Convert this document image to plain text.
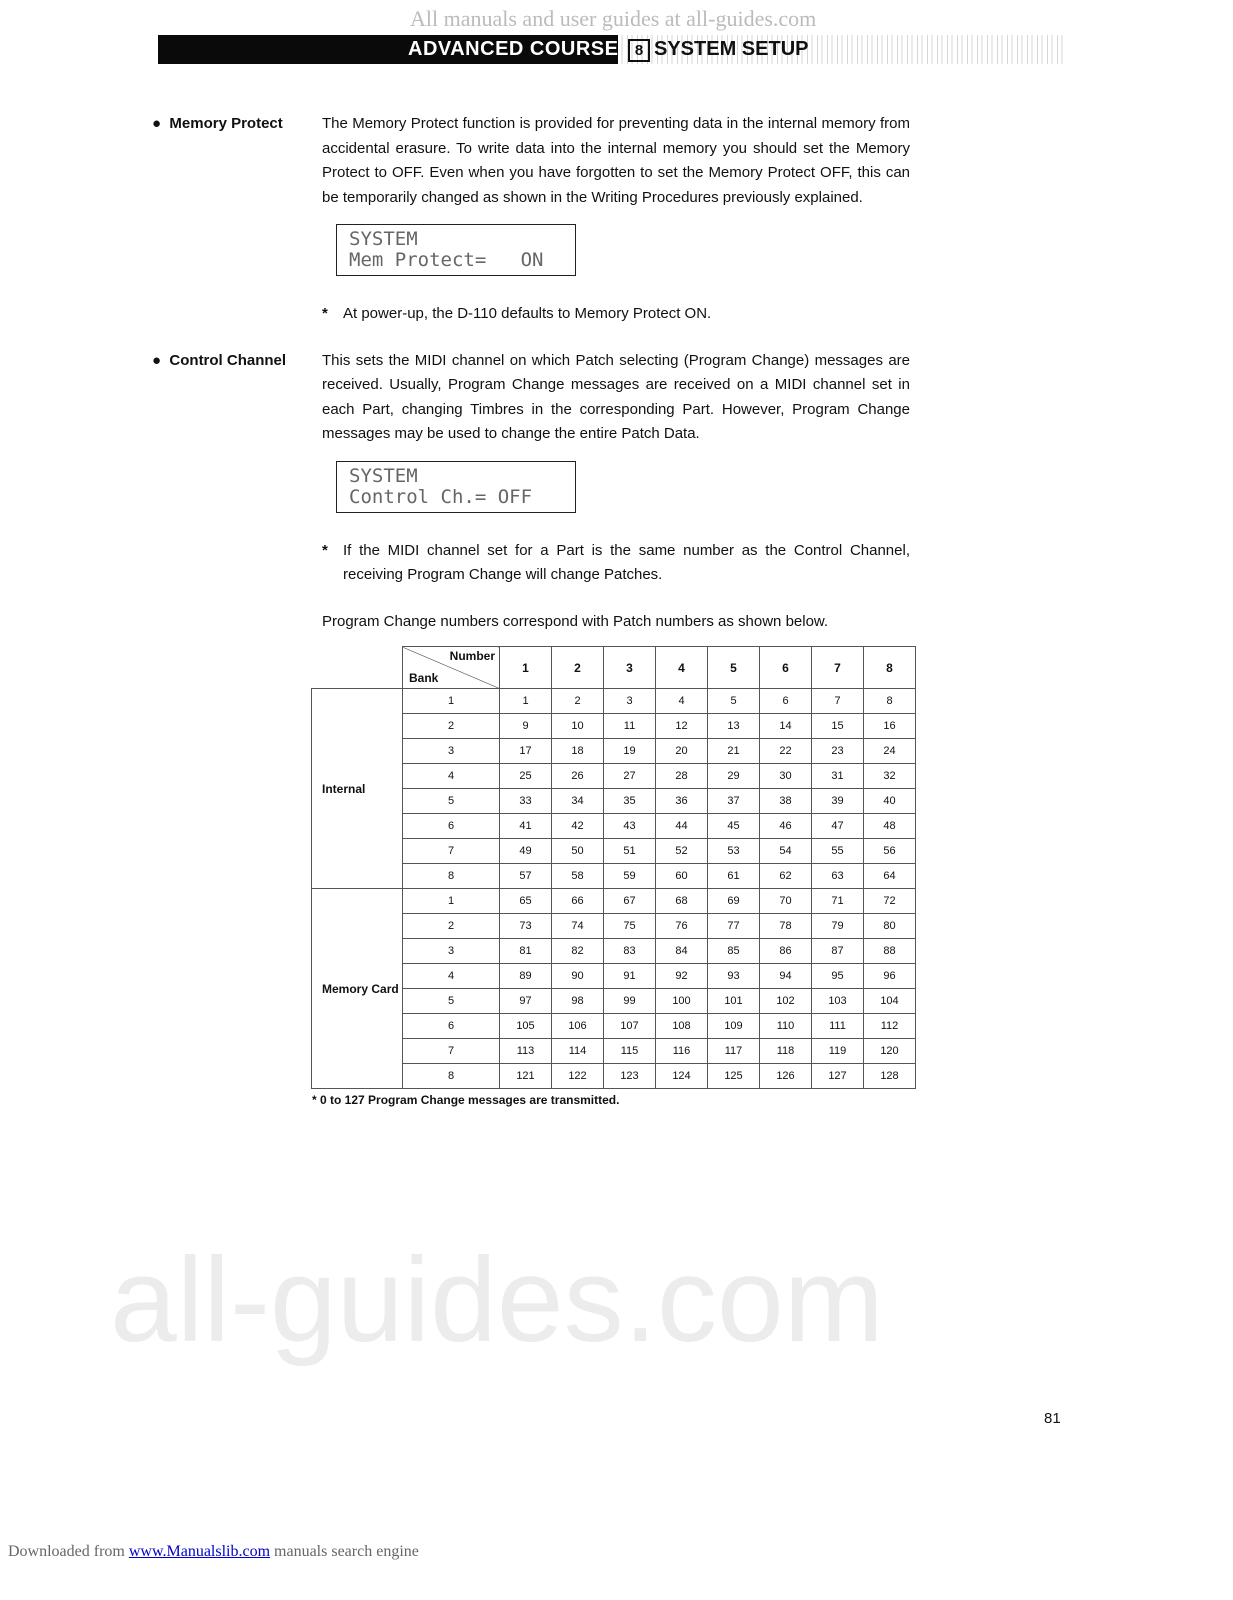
all-guides.com
All manuals and user guides at all-guides.com
ADVANCED COURSE	8 SYSTEM SETUP
●  Memory Protect	The Memory Protect function is provided for preventing data in the internal memory from accidental erasure. To write data into the internal memory you should set the Memory Protect to OFF. Even when you have forgotten to set the Memory Protect OFF, this can be temporarily changed as shown in the Writing Procedures previously explained.

SYSTEM
Mem Protect=   ON
*	At power-up, the D-110 defaults to Memory Protect ON.
●  Control Channel	This sets the MIDI channel on which Patch selecting (Program Change) messages are received. Usually, Program Change messages are received on a MIDI channel set in each Part, changing Timbres in the corresponding Part. However, Program Change messages may be used to change the entire Patch Data.

SYSTEM
Control Ch.= OFF
*	If the MIDI channel set for a Part is the same number as the Control Channel, receiving Program Change will change Patches.
Program Change numbers correspond with Patch numbers as shown below.

	Number
Bank	1	2	3	4	5	6	7	8
Internal	1	1	2	3	4	5	6	7	8
	2	9	10	11	12	13	14	15	16
	3	17	18	19	20	21	22	23	24
	4	25	26	27	28	29	30	31	32
	5	33	34	35	36	37	38	39	40
	6	41	42	43	44	45	46	47	48
	7	49	50	51	52	53	54	55	56
	8	57	58	59	60	61	62	63	64
Memory Card	1	65	66	67	68	69	70	71	72
	2	73	74	75	76	77	78	79	80
	3	81	82	83	84	85	86	87	88
	4	89	90	91	92	93	94	95	96
	5	97	98	99	100	101	102	103	104
	6	105	106	107	108	109	110	111	112
	7	113	114	115	116	117	118	119	120
	8	121	122	123	124	125	126	127	128
* 0 to 127 Program Change messages are transmitted.
81
Downloaded from www.Manualslib.com manuals search engine
